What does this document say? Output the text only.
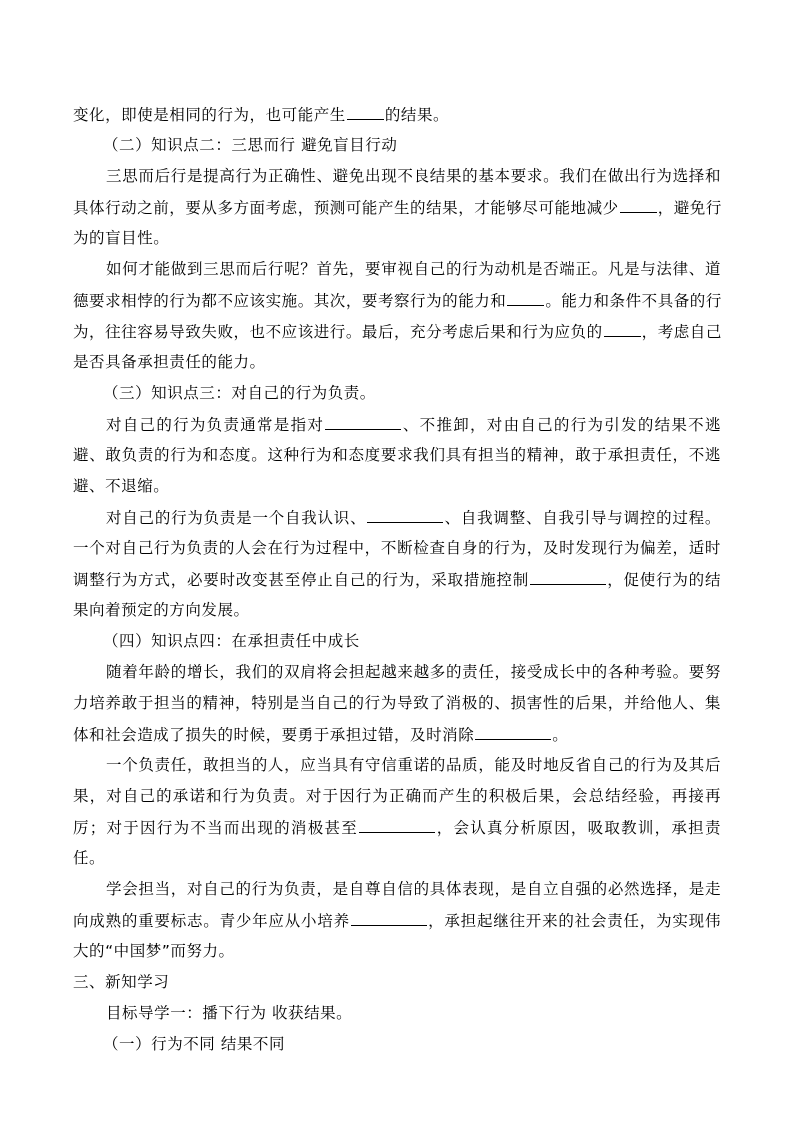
变化，即使是相同的行为，也可能产生	的结果。
（二）知识点二：三思而行 避免盲目行动
三思而后行是提高行为正确性、避免出现不良结果的基本要求。我们在做出行为选择和
具体行动之前，要从多方面考虑，预测可能产生的结果，才能够尽可能地减少	，避免行
为的盲目性。
如何才能做到三思而后行呢？首先，要审视自己的行为动机是否端正。凡是与法律、道
德要求相悖的行为都不应该实施。其次，要考察行为的能力和	。能力和条件不具备的行
为，往往容易导致失败，也不应该进行。最后，充分考虑后果和行为应负的	，考虑自己
是否具备承担责任的能力。
（三）知识点三：对自己的行为负责。
对自己的行为负责通常是指对	、不推卸，对由自己的行为引发的结果不逃
避、敢负责的行为和态度。这种行为和态度要求我们具有担当的精神，敢于承担责任，不逃
避、不退缩。
对自己的行为负责是一个自我认识、	、自我调整、自我引导与调控的过程。
一个对自己行为负责的人会在行为过程中，不断检查自身的行为，及时发现行为偏差，适时
调整行为方式，必要时改变甚至停止自己的行为，采取措施控制	，促使行为的结
果向着预定的方向发展。
（四）知识点四：在承担责任中成长
随着年龄的增长，我们的双肩将会担起越来越多的责任，接受成长中的各种考验。要努
力培养敢于担当的精神，特别是当自己的行为导致了消极的、损害性的后果，并给他人、集
体和社会造成了损失的时候，要勇于承担过错，及时消除	。
一个负责任，敢担当的人，应当具有守信重诺的品质，能及时地反省自己的行为及其后
果，对自己的承诺和行为负责。对于因行为正确而产生的积极后果，会总结经验，再接再
厉；对于因行为不当而出现的消极甚至	，会认真分析原因，吸取教训，承担责
任。
学会担当，对自己的行为负责，是自尊自信的具体表现，是自立自强的必然选择，是走
向成熟的重要标志。青少年应从小培养	，承担起继往开来的社会责任，为实现伟
大的“中国梦”而努力。
三、新知学习
目标导学一：播下行为 收获结果。
（一）行为不同 结果不同
